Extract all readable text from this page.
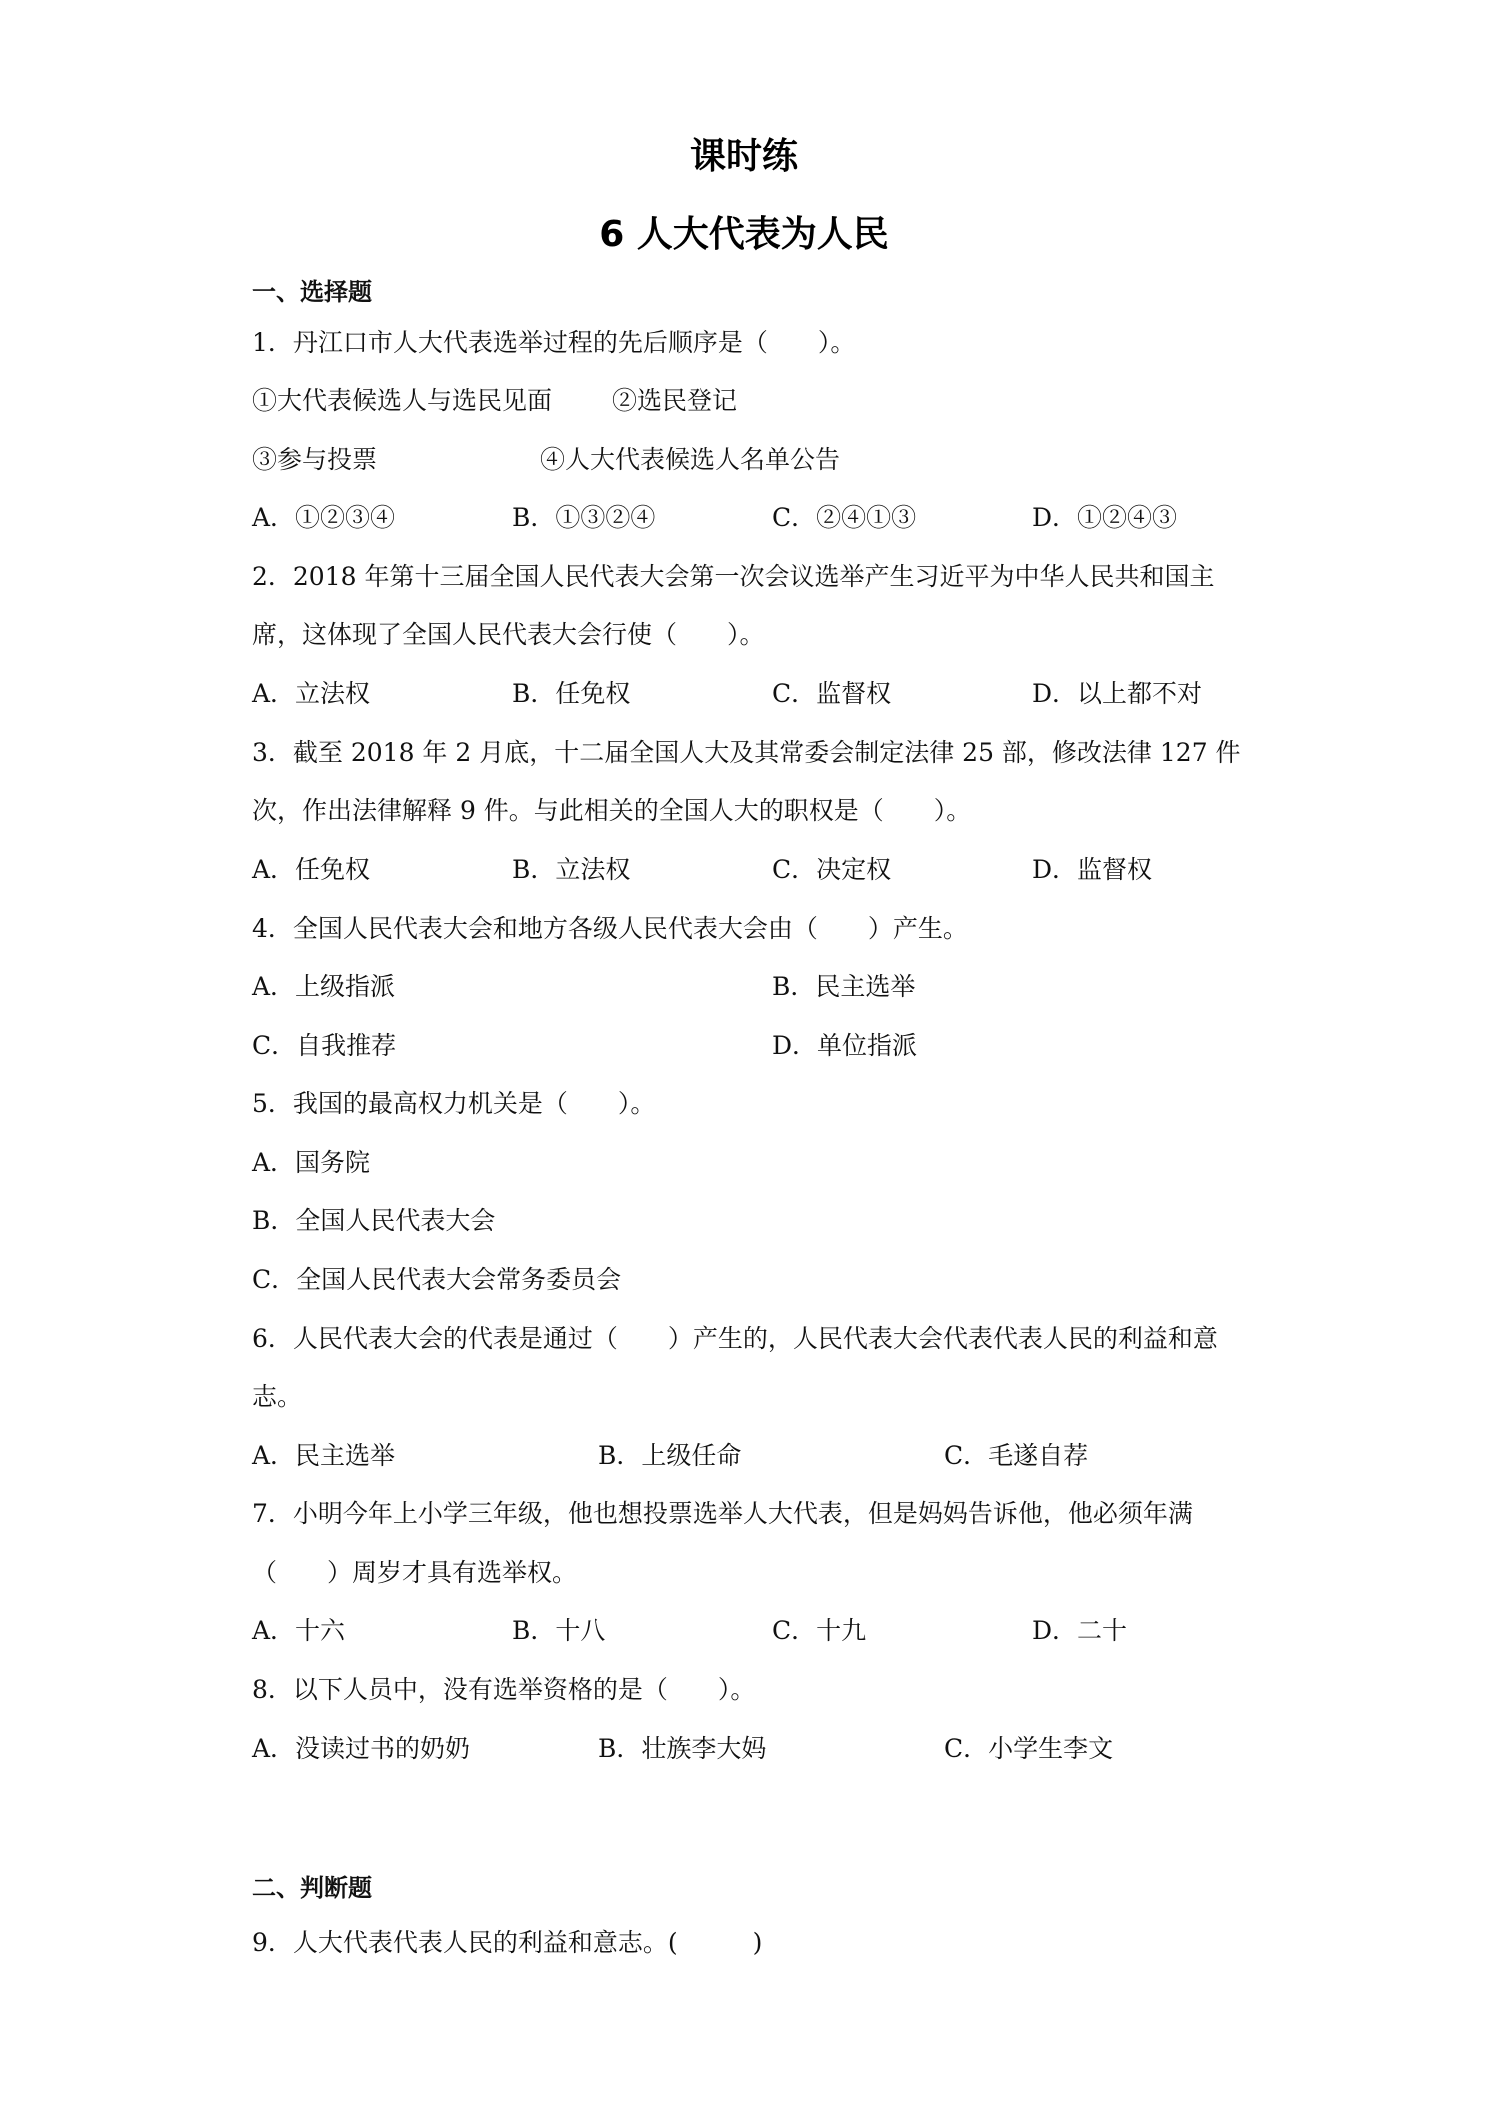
课时练
6 人大代表为人民
一、选择题
1．丹江口市人大代表选举过程的先后顺序是（　　）。
①大代表候选人与选民见面 ②选民登记
③参与投票	④人大代表候选人名单公告
A．①②③④	B．①③②④	C．②④①③	D．①②④③
2．2018 年第十三届全国人民代表大会第一次会议选举产生习近平为中华人民共和国主
席，这体现了全国人民代表大会行使（　　）。
A．立法权	B．任免权	C．监督权	D．以上都不对
3．截至 2018 年 2 月底，十二届全国人大及其常委会制定法律 25 部，修改法律 127 件
次，作出法律解释 9 件。与此相关的全国人大的职权是（　　）。
A．任免权	B．立法权	C．决定权	D．监督权
4．全国人民代表大会和地方各级人民代表大会由（　　）产生。
A．上级指派	B．民主选举
C．自我推荐	D．单位指派
5．我国的最高权力机关是（　　）。
A．国务院
B．全国人民代表大会
C．全国人民代表大会常务委员会
6．人民代表大会的代表是通过（　　）产生的，人民代表大会代表代表人民的利益和意
志。
A．民主选举	B．上级任命	C．毛遂自荐
7．小明今年上小学三年级，他也想投票选举人大代表，但是妈妈告诉他，他必须年满
（　　）周岁才具有选举权。
A．十六	B．十八	C．十九	D．二十
8．以下人员中，没有选举资格的是（　　）。
A．没读过书的奶奶	B．壮族李大妈	C．小学生李文
二、判断题
9．人大代表代表人民的利益和意志。(　　　)
